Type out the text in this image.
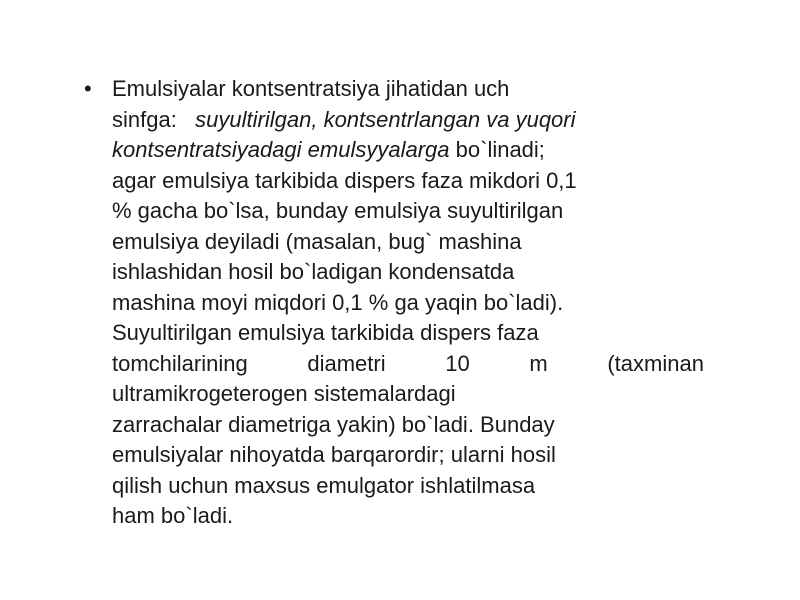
• Emulsiyalar kontsentratsiya jihatidan uch
sinfga: suyultirilgan, kontsentrlangan va yuqori
kontsentratsiyadagi emulsyyalarga bo`linadi;
agar emulsiya tarkibida dispers faza mikdori 0,1
% gacha bo`lsa, bunday emulsiya suyultirilgan
emulsiya deyiladi (masalan, bug` mashina
ishlashidan hosil bo`ladigan kondensatda
mashina moyi miqdori 0,1 % ga yaqin bo`ladi).
Suyultirilgan emulsiya tarkibida dispers faza
tomchilarining	diametri	10	m	(taxminan
ultramikrogeterogen sistemalardagi
zarrachalar diametriga yakin) bo`ladi. Bunday
emulsiyalar nihoyatda barqarordir; ularni hosil
qilish uchun maxsus emulgator ishlatilmasa
ham bo`ladi.
